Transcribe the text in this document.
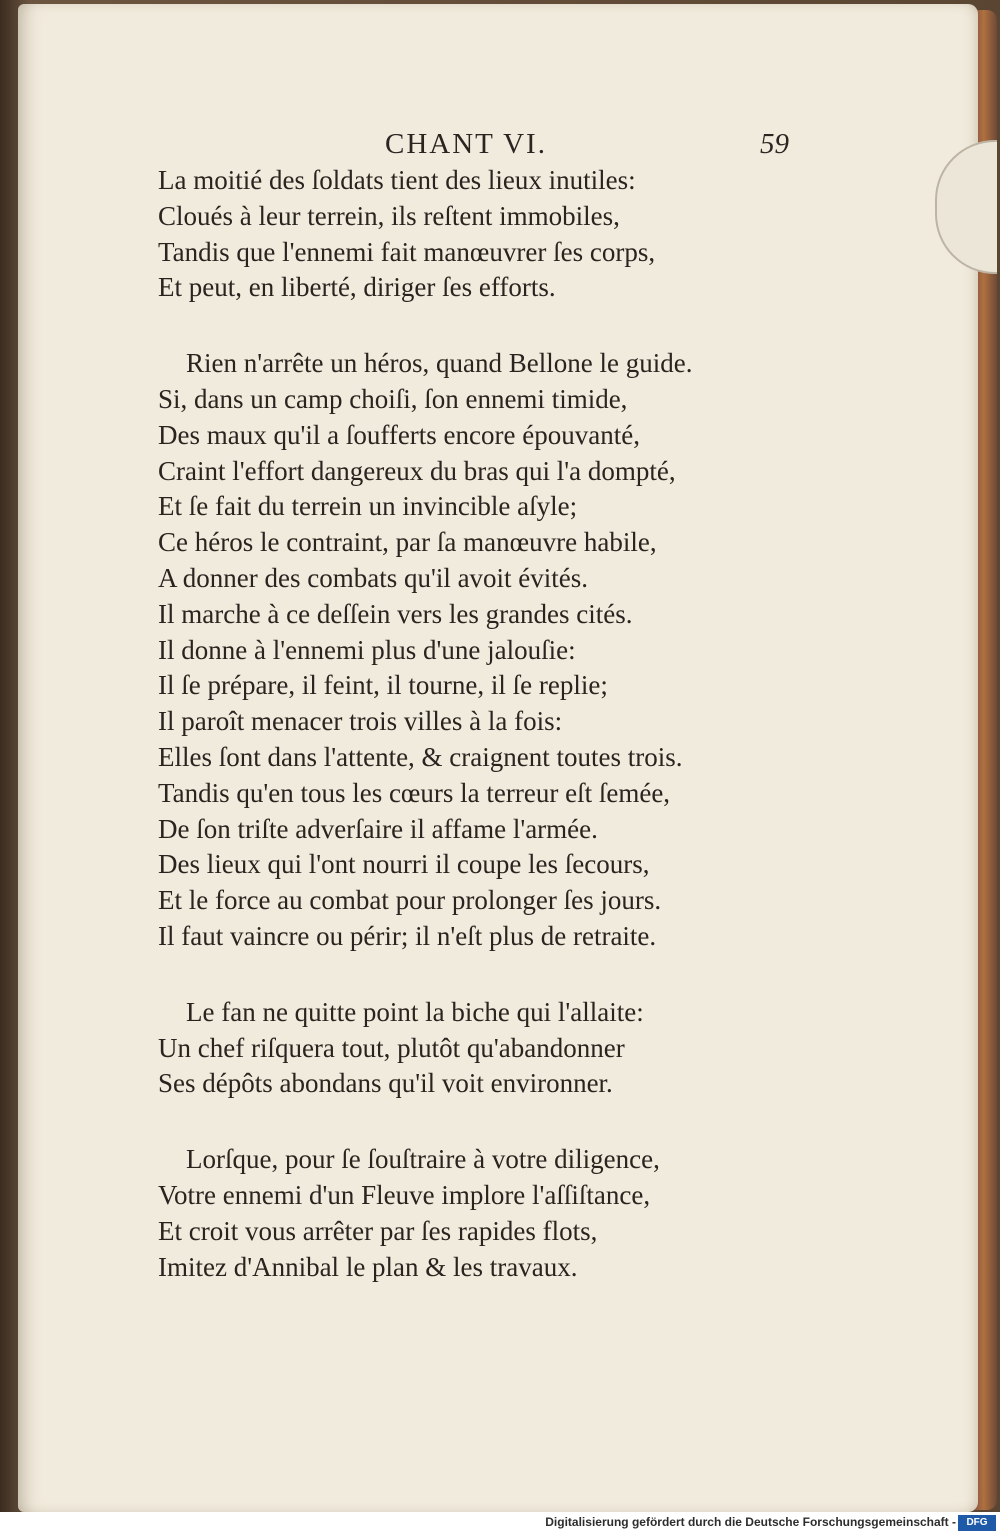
CHANT VI.	59
La moitié des ſoldats tient des lieux inutiles:
Cloués à leur terrein, ils reſtent immobiles,
Tandis que l'ennemi fait manœuvrer ſes corps,
Et peut, en liberté, diriger ſes efforts.
Rien n'arrête un héros, quand Bellone le guide.
Si, dans un camp choiſi, ſon ennemi timide,
Des maux qu'il a ſoufferts encore épouvanté,
Craint l'effort dangereux du bras qui l'a dompté,
Et ſe fait du terrein un invincible aſyle;
Ce héros le contraint, par ſa manœuvre habile,
A donner des combats qu'il avoit évités.
Il marche à ce deſſein vers les grandes cités.
Il donne à l'ennemi plus d'une jalouſie:
Il ſe prépare, il feint, il tourne, il ſe replie;
Il paroît menacer trois villes à la fois:
Elles ſont dans l'attente, & craignent toutes trois.
Tandis qu'en tous les cœurs la terreur eſt ſemée,
De ſon triſte adverſaire il affame l'armée.
Des lieux qui l'ont nourri il coupe les ſecours,
Et le force au combat pour prolonger ſes jours.
Il faut vaincre ou périr; il n'eſt plus de retraite.
Le fan ne quitte point la biche qui l'allaite:
Un chef riſquera tout, plutôt qu'abandonner
Ses dépôts abondans qu'il voit environner.
Lorſque, pour ſe ſouſtraire à votre diligence,
Votre ennemi d'un Fleuve implore l'aſſiſtance,
Et croit vous arrêter par ſes rapides flots,
Imitez d'Annibal le plan & les travaux.
Digitalisierung gefördert durch die Deutsche Forschungsgemeinschaft -	DFG
